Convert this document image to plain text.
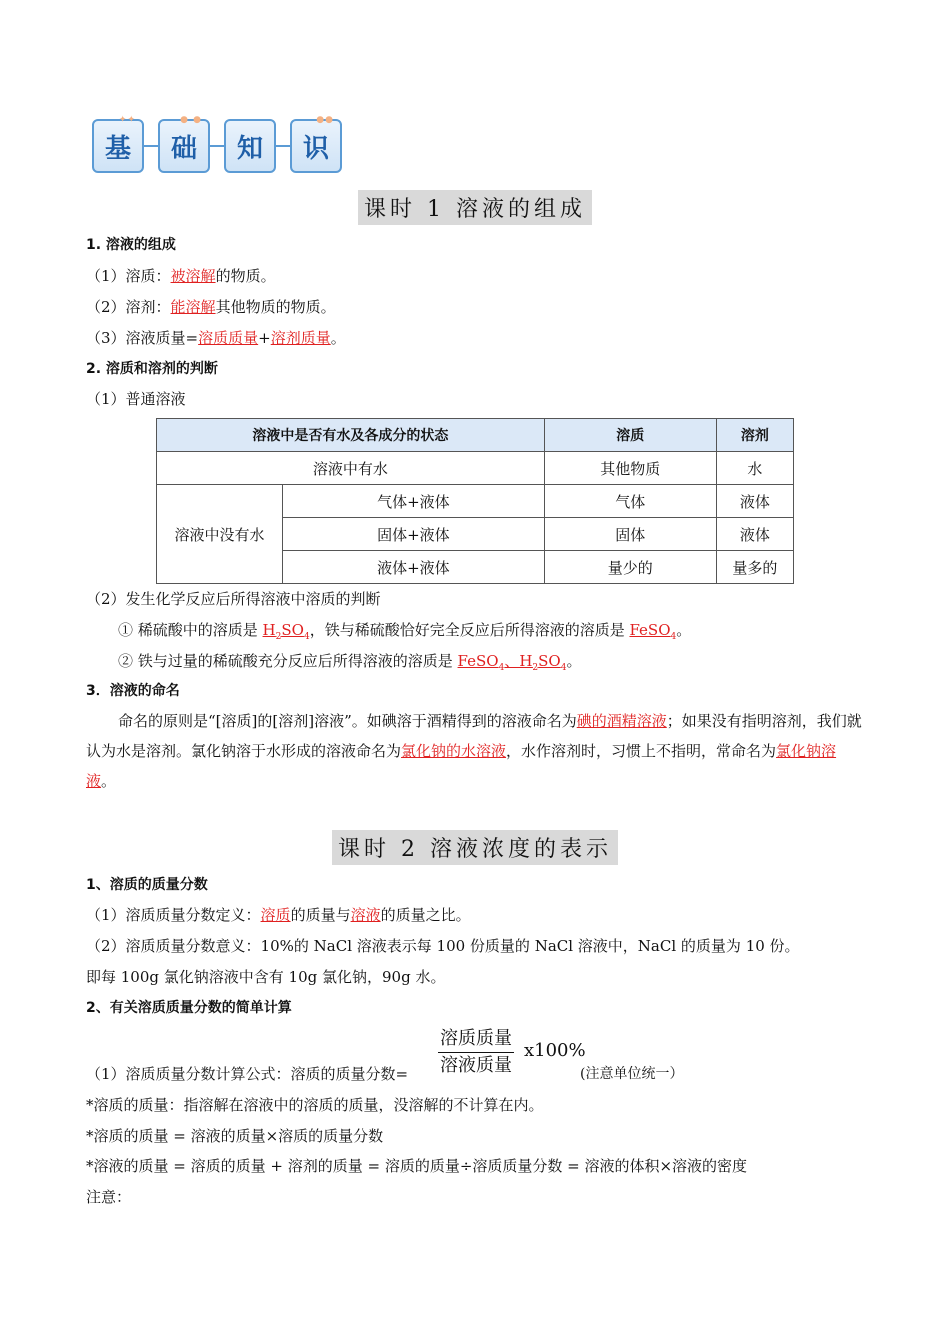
✦✦
基
● ●
础 知
●●
识
课时 1 溶液的组成
1. 溶液的组成
（1）溶质：被溶解的物质。
（2）溶剂：能溶解其他物质的物质。
（3）溶液质量=溶质质量+溶剂质量。
2. 溶质和溶剂的判断
（1）普通溶液
溶液中是否有水及各成分的状态		溶质	溶剂
溶液中有水		其他物质	水
溶液中没有水	气体+液体	气体	液体
	固体+液体	固体	液体
	液体+液体	量少的	量多的
（2）发生化学反应后所得溶液中溶质的判断
① 稀硫酸中的溶质是 $H_2SO_4$，铁与稀硫酸恰好完全反应后所得溶液的溶质是 FeSO$_4$。
② 铁与过量的稀硫酸充分反应后所得溶液的溶质是 FeSO$_4$、$H_2SO_4$。
3．溶液的命名
命名的原则是“[溶质]的[溶剂]溶液”。如碘溶于酒精得到的溶液命名为碘的酒精溶液；如果没有指明溶剂，我们就认为水是溶剂。氯化钠溶于水形成的溶液命名为氯化钠的水溶液，水作溶剂时，习惯上不指明，常命名为氯化钠溶液。
课时 2 溶液浓度的表示
1、溶质的质量分数
（1）溶质质量分数定义：溶质的质量与溶液的质量之比。
（2）溶质质量分数意义：10%的 NaCl 溶液表示每 100 份质量的 NaCl 溶液中，NaCl 的质量为 10 份。
即每 100g 氯化钠溶液中含有 10g 氯化钠，90g 水。
2、有关溶质质量分数的简单计算
溶质质量
溶液质量
x100%
（1）溶质质量分数计算公式：溶质的质量分数=	(注意单位统一）
*溶质的质量：指溶解在溶液中的溶质的质量，没溶解的不计算在内。
*溶质的质量 = 溶液的质量×溶质的质量分数
*溶液的质量 = 溶质的质量 + 溶剂的质量 = 溶质的质量÷溶质质量分数 = 溶液的体积×溶液的密度
注意：
